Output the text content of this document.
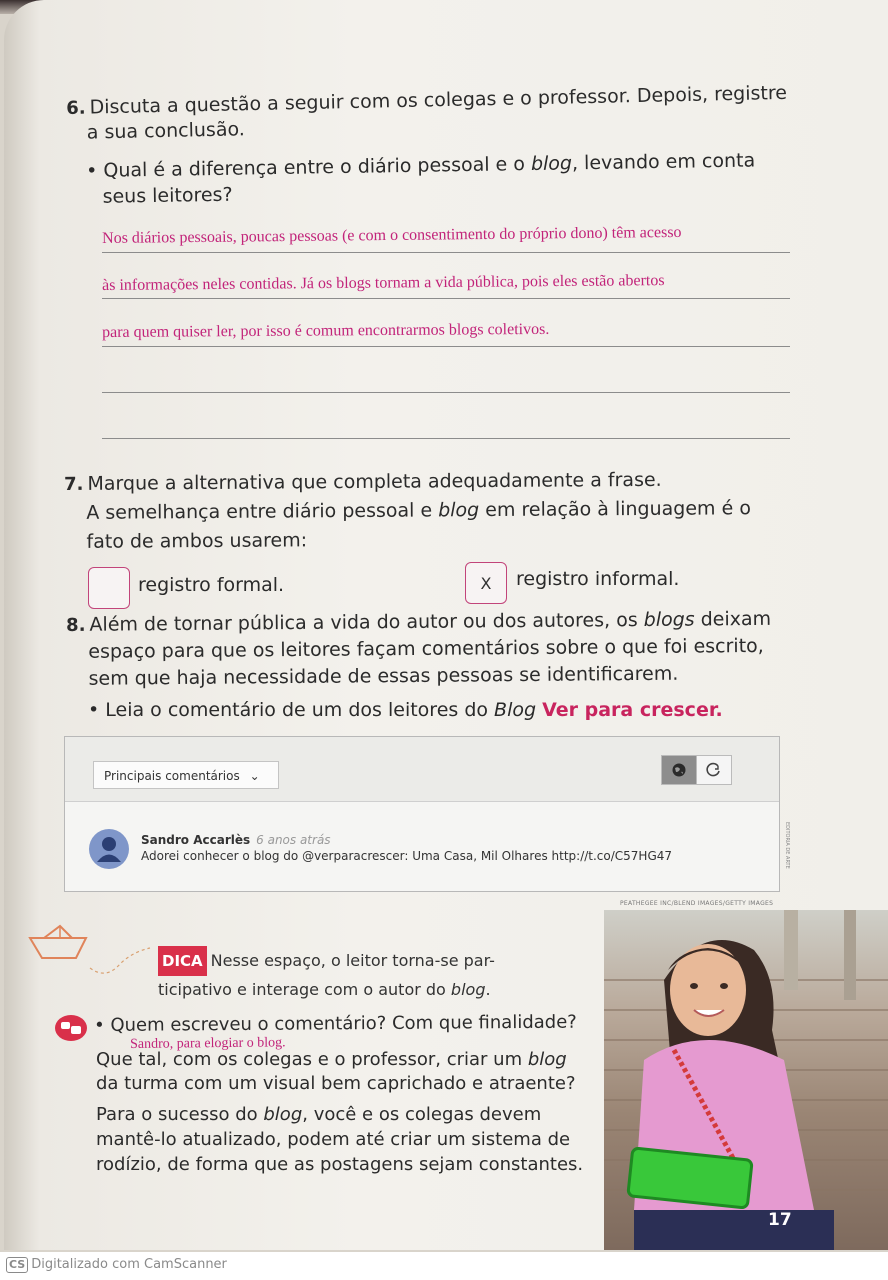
6. Discuta a questão a seguir com os colegas e o professor. Depois, registre
a sua conclusão.
• Qual é a diferença entre o diário pessoal e o blog, levando em conta
seus leitores?
Nos diários pessoais, poucas pessoas (e com o consentimento do próprio dono) têm acesso
às informações neles contidas. Já os blogs tornam a vida pública, pois eles estão abertos
para quem quiser ler, por isso é comum encontrarmos blogs coletivos.
7. Marque a alternativa que completa adequadamente a frase.
A semelhança entre diário pessoal e blog em relação à linguagem é o
fato de ambos usarem:
registro formal.	X	registro informal.
8. Além de tornar pública a vida do autor ou dos autores, os blogs deixam
espaço para que os leitores façam comentários sobre o que foi escrito,
sem que haja necessidade de essas pessoas se identificarem.
• Leia o comentário de um dos leitores do Blog Ver para crescer.
Principais comentários ⌄
Sandro Accarlès 6 anos atrás
Adorei conhecer o blog do @verparacrescer: Uma Casa, Mil Olhares http://t.co/C57HG47	EDITORIA DE ARTE
DICA Nesse espaço, o leitor torna-se par-
ticipativo e interage com o autor do blog.
• Quem escreveu o comentário? Com que finalidade?
Sandro, para elogiar o blog.
Que tal, com os colegas e o professor, criar um blog
da turma com um visual bem caprichado e atraente?
Para o sucesso do blog, você e os colegas devem
mantê-lo atualizado, podem até criar um sistema de
rodízio, de forma que as postagens sejam constantes.
PEATHEGEE INC/BLEND IMAGES/GETTY IMAGES
17
CS Digitalizado com CamScanner
